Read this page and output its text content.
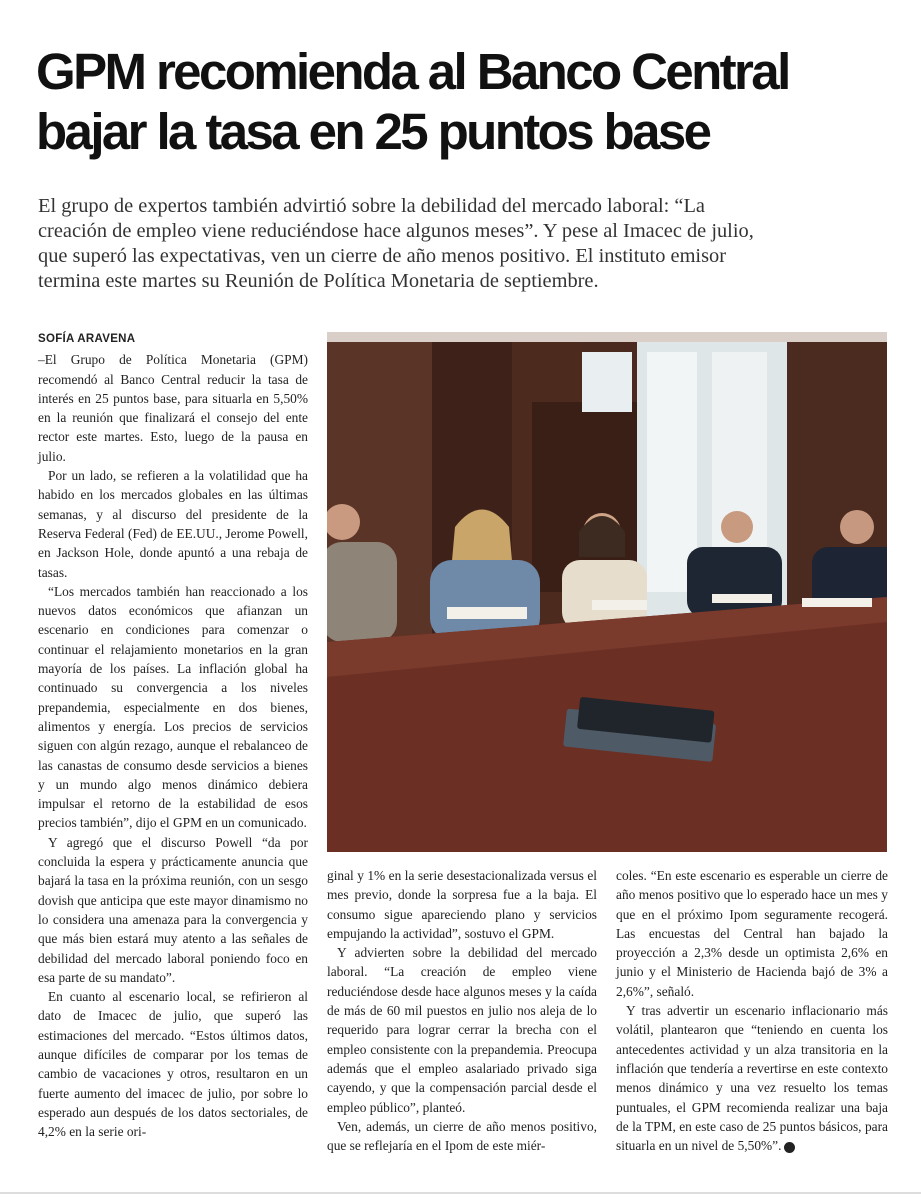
GPM recomienda al Banco Central
bajar la tasa en 25 puntos base
El grupo de expertos también advirtió sobre la debilidad del mercado laboral: “La
creación de empleo viene reduciéndose hace algunos meses”. Y pese al Imacec de julio,
que superó las expectativas, ven un cierre de año menos positivo. El instituto emisor
termina este martes su Reunión de Política Monetaria de septiembre.
SOFÍA ARAVENA

–El Grupo de Política Monetaria (GPM) recomendó al Banco Central reducir la tasa de interés en 25 puntos base, para situarla en 5,50% en la reunión que finalizará el consejo del ente rector este martes. Esto, luego de la pausa en julio.

Por un lado, se refieren a la volatilidad que ha habido en los mercados globales en las últimas semanas, y al discurso del presidente de la Reserva Federal (Fed) de EE.UU., Jerome Powell, en Jackson Hole, donde apuntó a una rebaja de tasas.

“Los mercados también han reaccionado a los nuevos datos económicos que afianzan un escenario en condiciones para comenzar o continuar el relajamiento monetarios en la gran mayoría de los países. La inflación global ha continuado su convergencia a los niveles prepandemia, especialmente en dos bienes, alimentos y energía. Los precios de servicios siguen con algún rezago, aunque el rebalanceo de las canastas de consumo desde servicios a bienes y un mundo algo menos dinámico debiera impulsar el retorno de la estabilidad de esos precios también”, dijo el GPM en un comunicado.

Y agregó que el discurso Powell “da por concluida la espera y prácticamente anuncia que bajará la tasa en la próxima reunión, con un sesgo dovish que anticipa que este mayor dinamismo no lo considera una amenaza para la convergencia y que más bien estará muy atento a las señales de debilidad del mercado laboral poniendo foco en esa parte de su mandato”.

En cuanto al escenario local, se refirieron al dato de Imacec de julio, que superó las estimaciones del mercado. “Estos últimos datos, aunque difíciles de comparar por los temas de cambio de vacaciones y otros, resultaron en un fuerte aumento del imacec de julio, por sobre lo esperado aun después de los datos sectoriales, de 4,2% en la serie ori-

ginal y 1% en la serie desestacionalizada versus el mes previo, donde la sorpresa fue a la baja. El consumo sigue apareciendo plano y servicios empujando la actividad”, sostuvo el GPM.

Y advierten sobre la debilidad del mercado laboral. “La creación de empleo viene reduciéndose desde hace algunos meses y la caída de más de 60 mil puestos en julio nos aleja de lo requerido para lograr cerrar la brecha con el empleo consistente con la prepandemia. Preocupa además que el empleo asalariado privado siga cayendo, y que la compensación parcial desde el empleo público”, planteó.

Ven, además, un cierre de año menos positivo, que se reflejaría en el Ipom de este miér-

coles. “En este escenario es esperable un cierre de año menos positivo que lo esperado hace un mes y que en el próximo Ipom seguramente recogerá. Las encuestas del Central han bajado la proyección a 2,3% desde un optimista 2,6% en junio y el Ministerio de Hacienda bajó de 3% a 2,6%”, señaló.

Y tras advertir un escenario inflacionario más volátil, plantearon que “teniendo en cuenta los antecedentes actividad y un alza transitoria en la inflación que tendería a revertirse en este contexto menos dinámico y una vez resuelto los temas puntuales, el GPM recomienda realizar una baja de la TPM, en este caso de 25 puntos básicos, para situarla en un nivel de 5,50%”. P
